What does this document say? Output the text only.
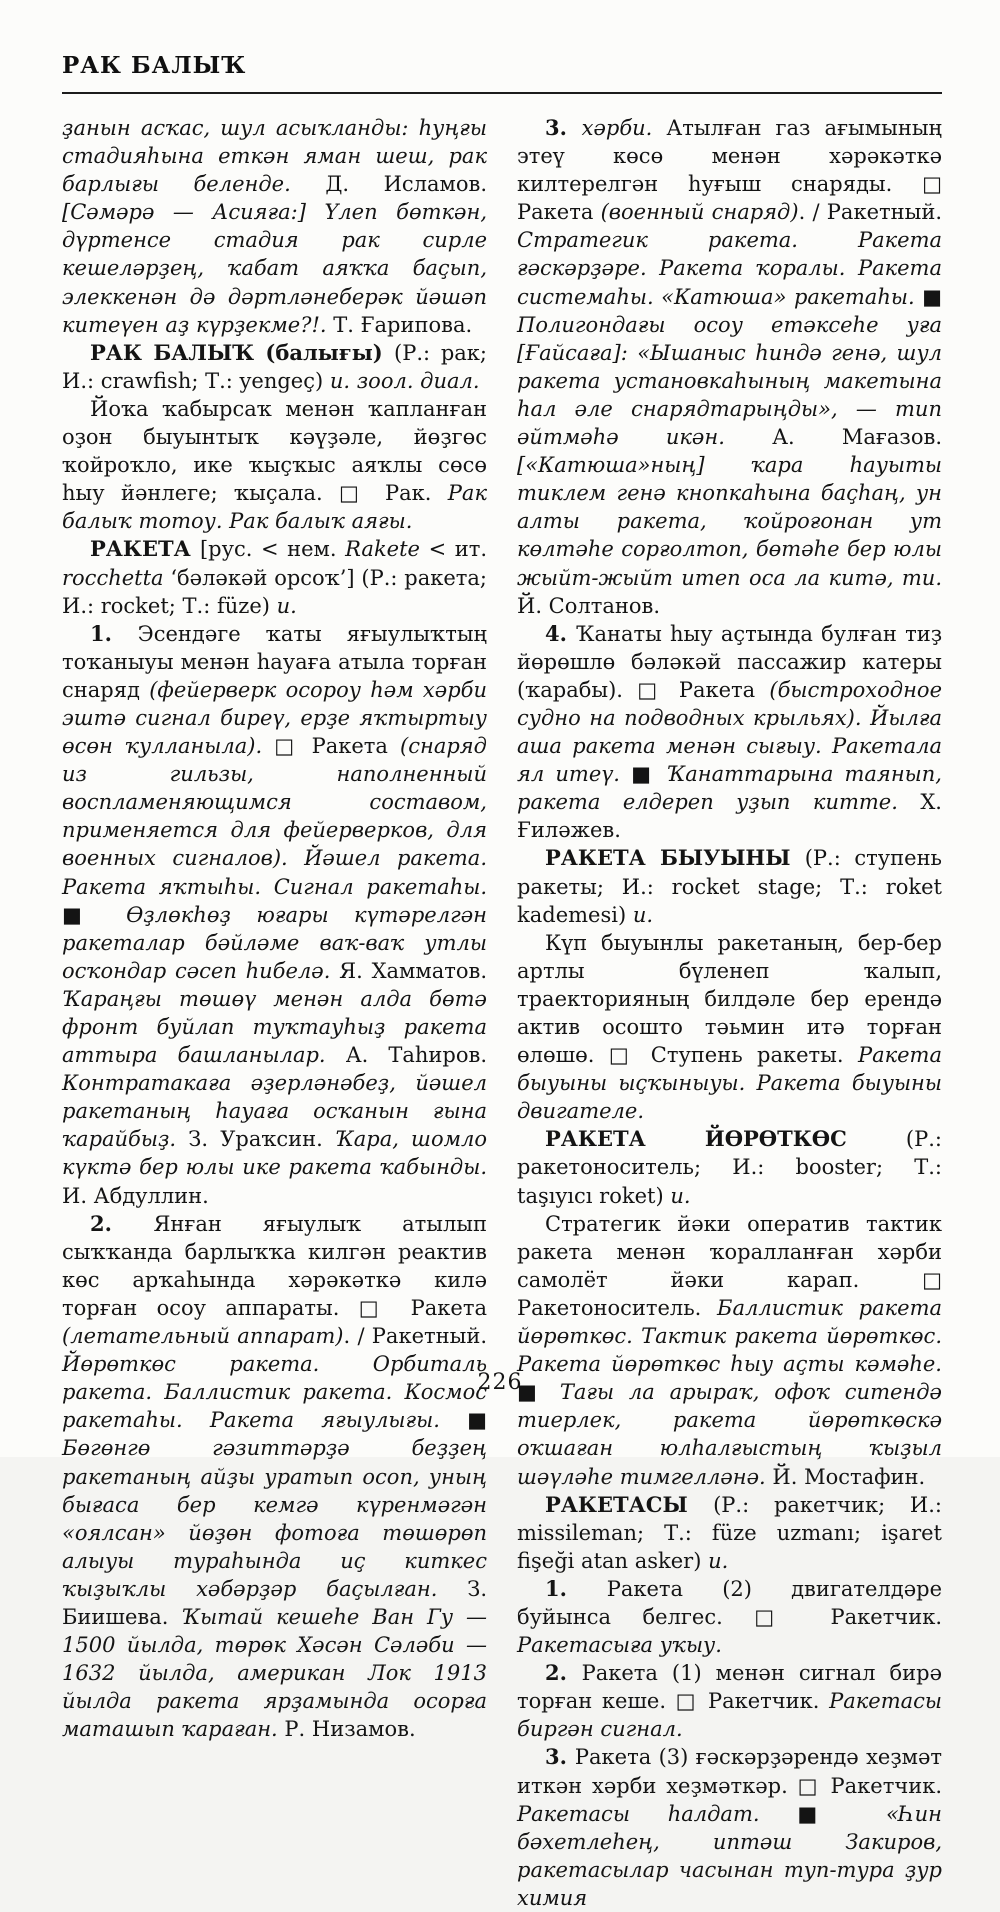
РАК БАЛЫҠ

ҙанын асҡас, шул асыҡланды: һуңғы стадияһына еткән яман шеш, рак барлығы беленде. Д. Исламов. [Сәмәрә — Асияға:] Үлеп бөткән, дүртенсе стадия рак сирле кешеләрҙең, ҡабат аяҡҡа баҫып, элеккенән дә дәртләнеберәк йәшәп китеүен аҙ күрҙекме?!. Т. Ғарипова.

РАК БАЛЫҠ (балығы) (Р.: рак; И.: crawfish; Т.: yengeç) и. зоол. диал.

Йоҡа ҡабырсаҡ менән ҡапланған оҙон быуынтыҡ кәүҙәле, йөҙгөс ҡойроҡло, ике ҡыҫҡыс аяҡлы сөсө һыу йәнлеге; ҡыҫала. □ Рак. Рак балыҡ тотоу. Рак балыҡ аяғы.

РАКЕТА [рус. < нем. Rakete < ит. rocchetta ‘бәләкәй орсоҡ’] (Р.: ракета; И.: rocket; Т.: füze) и.

1. Эсендәге ҡаты яғыулыҡтың тоҡаныуы менән һауаға атыла торған снаряд (фейерверк осороу һәм хәрби эштә сигнал биреү, ерҙе яҡтыртыу өсөн ҡулланыла). □ Ракета (снаряд из гильзы, наполненный воспламеняющимся составом, применяется для фейерверков, для военных сигналов). Йәшел ракета. Ракета яҡтыһы. Сигнал ракетаһы. ■ Өҙлөкһөҙ юғары күтәрелгән ракеталар бәйләме ваҡ-ваҡ утлы осҡондар сәсеп һибелә. Я. Хамматов. Ҡараңғы төшөү менән алда бөтә фронт буйлап туҡтауһыҙ ракета аттыра башланылар. А. Таһиров. Контратакаға әҙерләнәбеҙ, йәшел ракетаның һауаға осҡанын ғына ҡарайбыҙ. З. Ураҡсин. Ҡара, шомло күктә бер юлы ике ракета ҡабынды. И. Абдуллин.

2. Янған яғыулыҡ атылып сыҡҡанда барлыҡҡа килгән реактив көс арҡаһында хәрәкәткә килә торған осоу аппараты. □ Ракета (летательный аппарат). / Ракетный. Йөрөткөс ракета. Орбиталь ракета. Баллистик ракета. Космос ракетаһы. Ракета яғыулығы. ■ Бөгөнгө гәзиттәрҙә беҙҙең ракетаның айҙы уратып осоп, уның бығаса бер кемгә күренмәгән «оялсан» йөҙөн фотоға төшөрөп алыуы тураһында иҫ киткес ҡыҙыҡлы хәбәрҙәр баҫылған. З. Биишева. Ҡытай кешеһе Ван Гу — 1500 йылда, төрөк Хәсән Сәләби — 1632 йылда, американ Лок 1913 йылда ракета ярҙамында осорға маташып ҡараған. Р. Низамов.

3. хәрби. Атылған газ ағымының этеү көсө менән хәрәкәткә килтерелгән һуғыш снаряды. □ Ракета (военный снаряд). / Ракетный. Стратегик ракета. Ракета ғәскәрҙәре. Ракета ҡоралы. Ракета системаһы. «Катюша» ракетаһы. ■ Полигондағы осоу етәксеһе уға [Ғайсаға]: «Ышаныс һиндә генә, шул ракета установкаһының макетына һал әле снарядтарыңды», — тип әйтмәһә икән. А. Мағазов. [«Катюша»ның] ҡара һауыты тиклем генә кнопкаһына баҫһаң, ун алты ракета, ҡойроғонан ут көлтәһе сорғолтоп, бөтәһе бер юлы жыйт-жыйт итеп оса ла китә, ти. Й. Солтанов.

4. Ҡанаты һыу аҫтында булған тиҙ йөрөшлө бәләкәй пассажир катеры (ҡарабы). □ Ракета (быстроходное судно на подводных крыльях). Йылға аша ракета менән сығыу. Ракетала ял итеү. ■ Ҡанаттарына таянып, ракета елдереп уҙып китте. Х. Ғиләжев.

РАКЕТА БЫУЫНЫ (Р.: ступень ракеты; И.: rocket stage; Т.: roket kademesi) и.

Күп быуынлы ракетаның, бер-бер артлы бүленеп ҡалып, траекторияның билдәле бер ерендә актив осошто тәьмин итә торған өлөшө. □ Ступень ракеты. Ракета быуыны ыҫҡыныуы. Ракета быуыны двигателе.

РАКЕТА ЙӨРӨТКӨС (Р.: ракетоноситель; И.: booster; Т.: taşıyıcı roket) и.

Стратегик йәки оператив тактик ракета менән ҡоралланған хәрби самолёт йәки карап. □ Ракетоноситель. Баллистик ракета йөрөткөс. Тактик ракета йөрөткөс. Ракета йөрөткөс һыу аҫты кәмәһе. ■ Тағы ла арыраҡ, офоҡ ситендә тиерлек, ракета йөрөткөскә оҡшаған юлһалғыстың ҡыҙыл шәүләһе тимгелләнә. Й. Мостафин.

РАКЕТАСЫ (Р.: ракетчик; И.: missileman; Т.: füze uzmanı; işaret fişeği atan asker) и.

1. Ракета (2) двигателдәре буйынса белгес. □ Ракетчик. Ракетасыға уҡыу.

2. Ракета (1) менән сигнал бирә торған кеше. □ Ракетчик. Ракетасы биргән сигнал.

3. Ракета (3) ғәскәрҙәрендә хеҙмәт иткән хәрби хеҙмәткәр. □ Ракетчик. Ракетасы һалдат. ■ «Һин бәхетлеһең, иптәш Закиров, ракетасылар часынан туп-тура ҙур химия

226
